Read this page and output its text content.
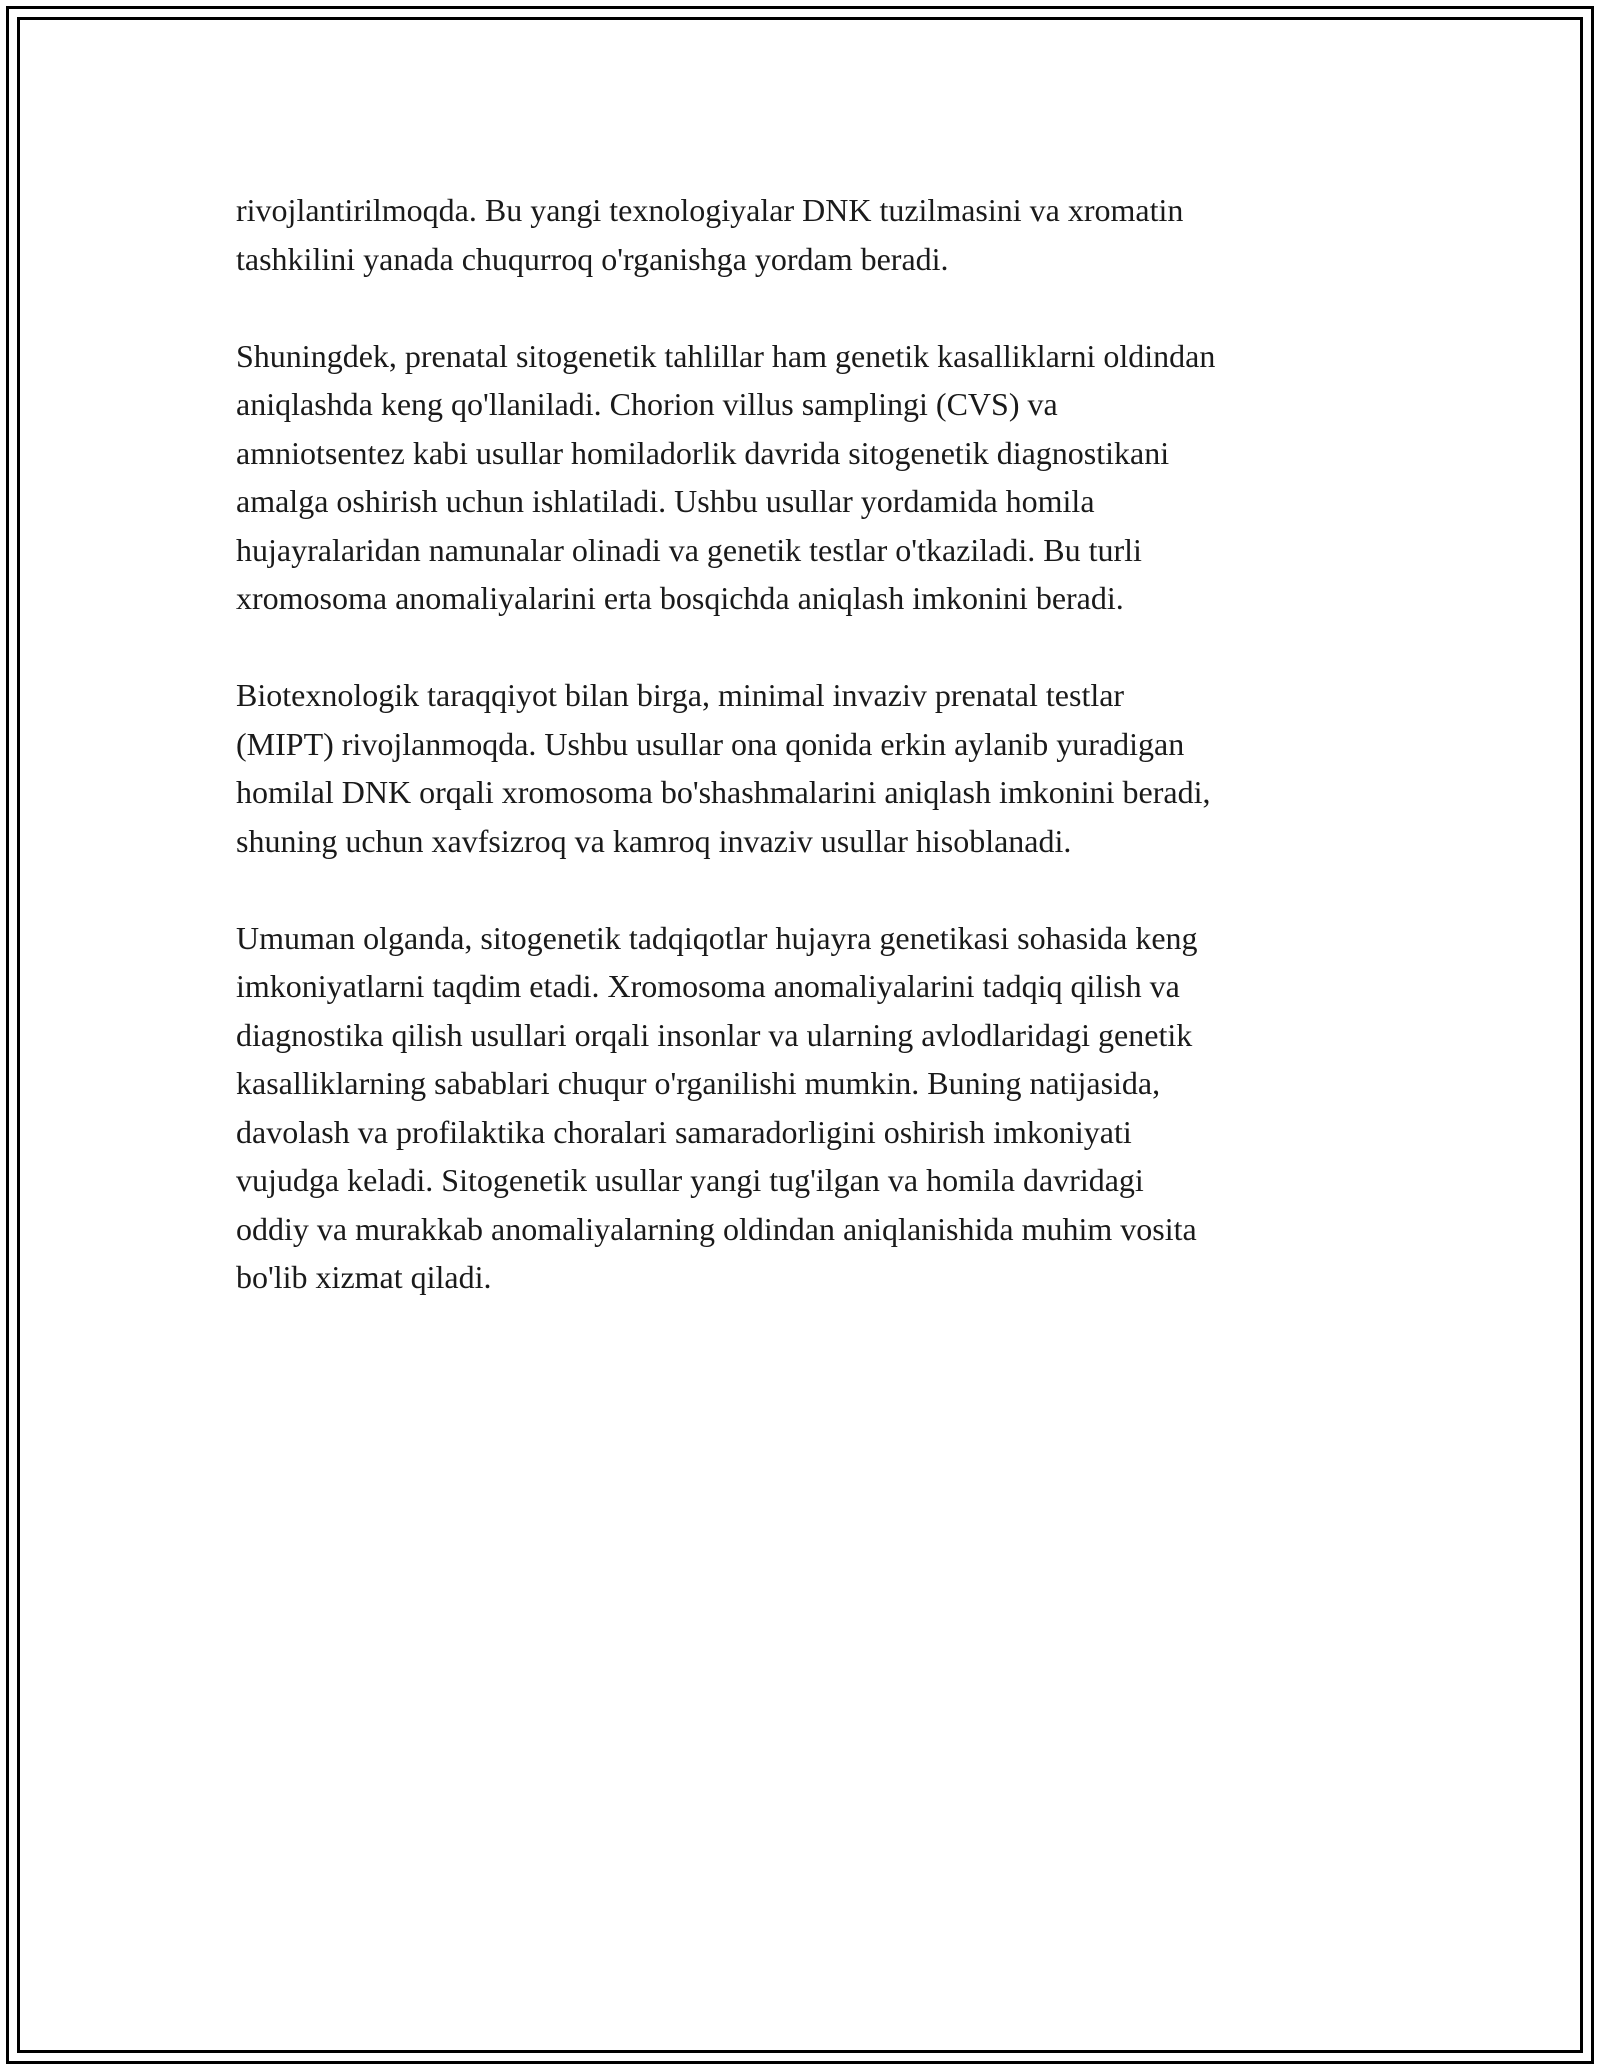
rivojlantirilmoqda. Bu yangi texnologiyalar DNK tuzilmasini va xromatin
tashkilini yanada chuqurroq o'rganishga yordam beradi.
Shuningdek, prenatal sitogenetik tahlillar ham genetik kasalliklarni oldindan
aniqlashda keng qo'llaniladi. Chorion villus samplingi (CVS) va
amniotsentez kabi usullar homiladorlik davrida sitogenetik diagnostikani
amalga oshirish uchun ishlatiladi. Ushbu usullar yordamida homila
hujayralaridan namunalar olinadi va genetik testlar o'tkaziladi. Bu turli
xromosoma anomaliyalarini erta bosqichda aniqlash imkonini beradi.
Biotexnologik taraqqiyot bilan birga, minimal invaziv prenatal testlar
(MIPT) rivojlanmoqda. Ushbu usullar ona qonida erkin aylanib yuradigan
homilal DNK orqali xromosoma bo'shashmalarini aniqlash imkonini beradi,
shuning uchun xavfsizroq va kamroq invaziv usullar hisoblanadi.
Umuman olganda, sitogenetik tadqiqotlar hujayra genetikasi sohasida keng
imkoniyatlarni taqdim etadi. Xromosoma anomaliyalarini tadqiq qilish va
diagnostika qilish usullari orqali insonlar va ularning avlodlaridagi genetik
kasalliklarning sabablari chuqur o'rganilishi mumkin. Buning natijasida,
davolash va profilaktika choralari samaradorligini oshirish imkoniyati
vujudga keladi. Sitogenetik usullar yangi tug'ilgan va homila davridagi
oddiy va murakkab anomaliyalarning oldindan aniqlanishida muhim vosita
bo'lib xizmat qiladi.
